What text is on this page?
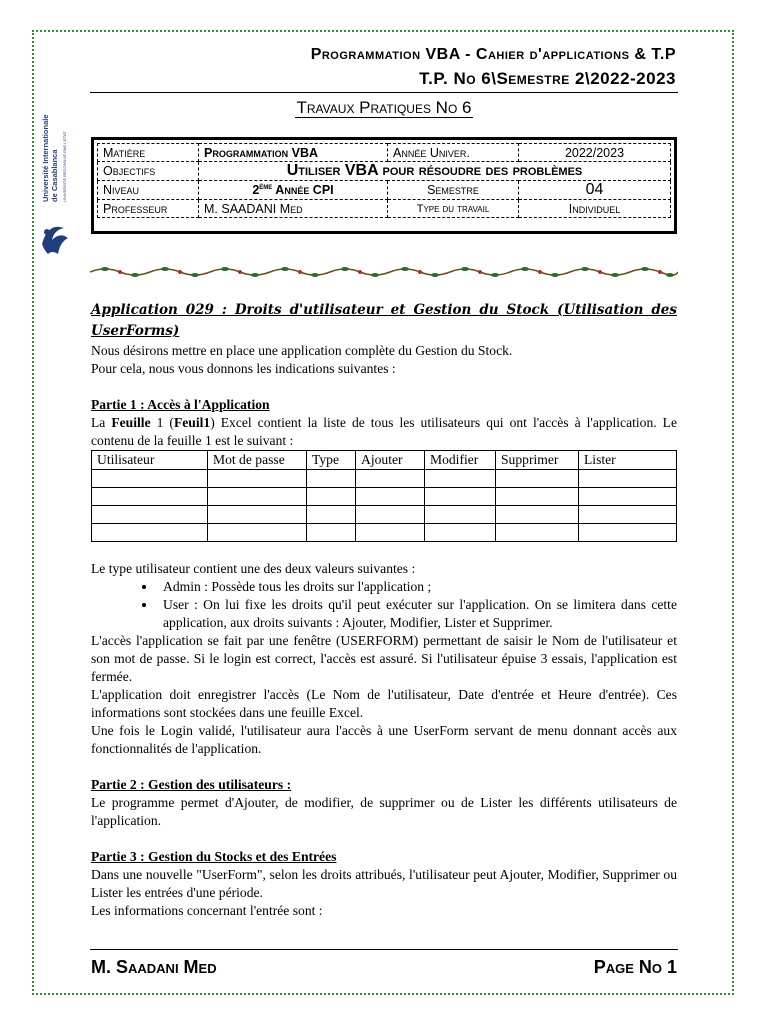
Université Internationale de Casablanca UNIVERSITÉ RECONNUE PAR L'ÉTAT
Programmation VBA - Cahier d'applications & T.P
T.P. No 6\Semestre 2\2022-2023
Travaux Pratiques No 6
Matière	Programmation VBA	Année Univer.	2022/2023
Objectifs	Utiliser VBA pour résoudre des problèmes		
Niveau	2ème Année CPI	Semestre	04
Professeur	M. SAADANI Med	Type du travail	Individuel

Application 029 : Droits d'utilisateur et Gestion du Stock (Utilisation des UserForms)

Nous désirons mettre en place une application complète du Gestion du Stock.

Pour cela, nous vous donnons les indications suivantes :

Partie 1 : Accès à l'Application

La Feuille 1 (Feuil1) Excel contient la liste de tous les utilisateurs qui ont l'accès à l'application. Le contenu de la feuille 1 est le suivant :

Utilisateur	Mot de passe	Type	Ajouter	Modifier	Supprimer	Lister

Le type utilisateur contient une des deux valeurs suivantes :

• Admin : Possède tous les droits sur l'application ;
• User : On lui fixe les droits qu'il peut exécuter sur l'application. On se limitera dans cette application, aux droits suivants : Ajouter, Modifier, Lister et Supprimer.

L'accès l'application se fait par une fenêtre (USERFORM) permettant de saisir le Nom de l'utilisateur et son mot de passe. Si le login est correct, l'accès est assuré. Si l'utilisateur épuise 3 essais, l'application est fermée.

L'application doit enregistrer l'accès (Le Nom de l'utilisateur, Date d'entrée et Heure d'entrée). Ces informations sont stockées dans une feuille Excel.

Une fois le Login validé, l'utilisateur aura l'accès à une UserForm servant de menu donnant accès aux fonctionnalités de l'application.

Partie 2 : Gestion des utilisateurs :

Le programme permet d'Ajouter, de modifier, de supprimer ou de Lister les différents utilisateurs de l'application.

Partie 3 : Gestion du Stocks et des Entrées

Dans une nouvelle "UserForm", selon les droits attribués, l'utilisateur peut Ajouter, Modifier, Supprimer ou Lister les entrées d'une période.

Les informations concernant l'entrée sont :

M. Saadani Med	Page No 1
